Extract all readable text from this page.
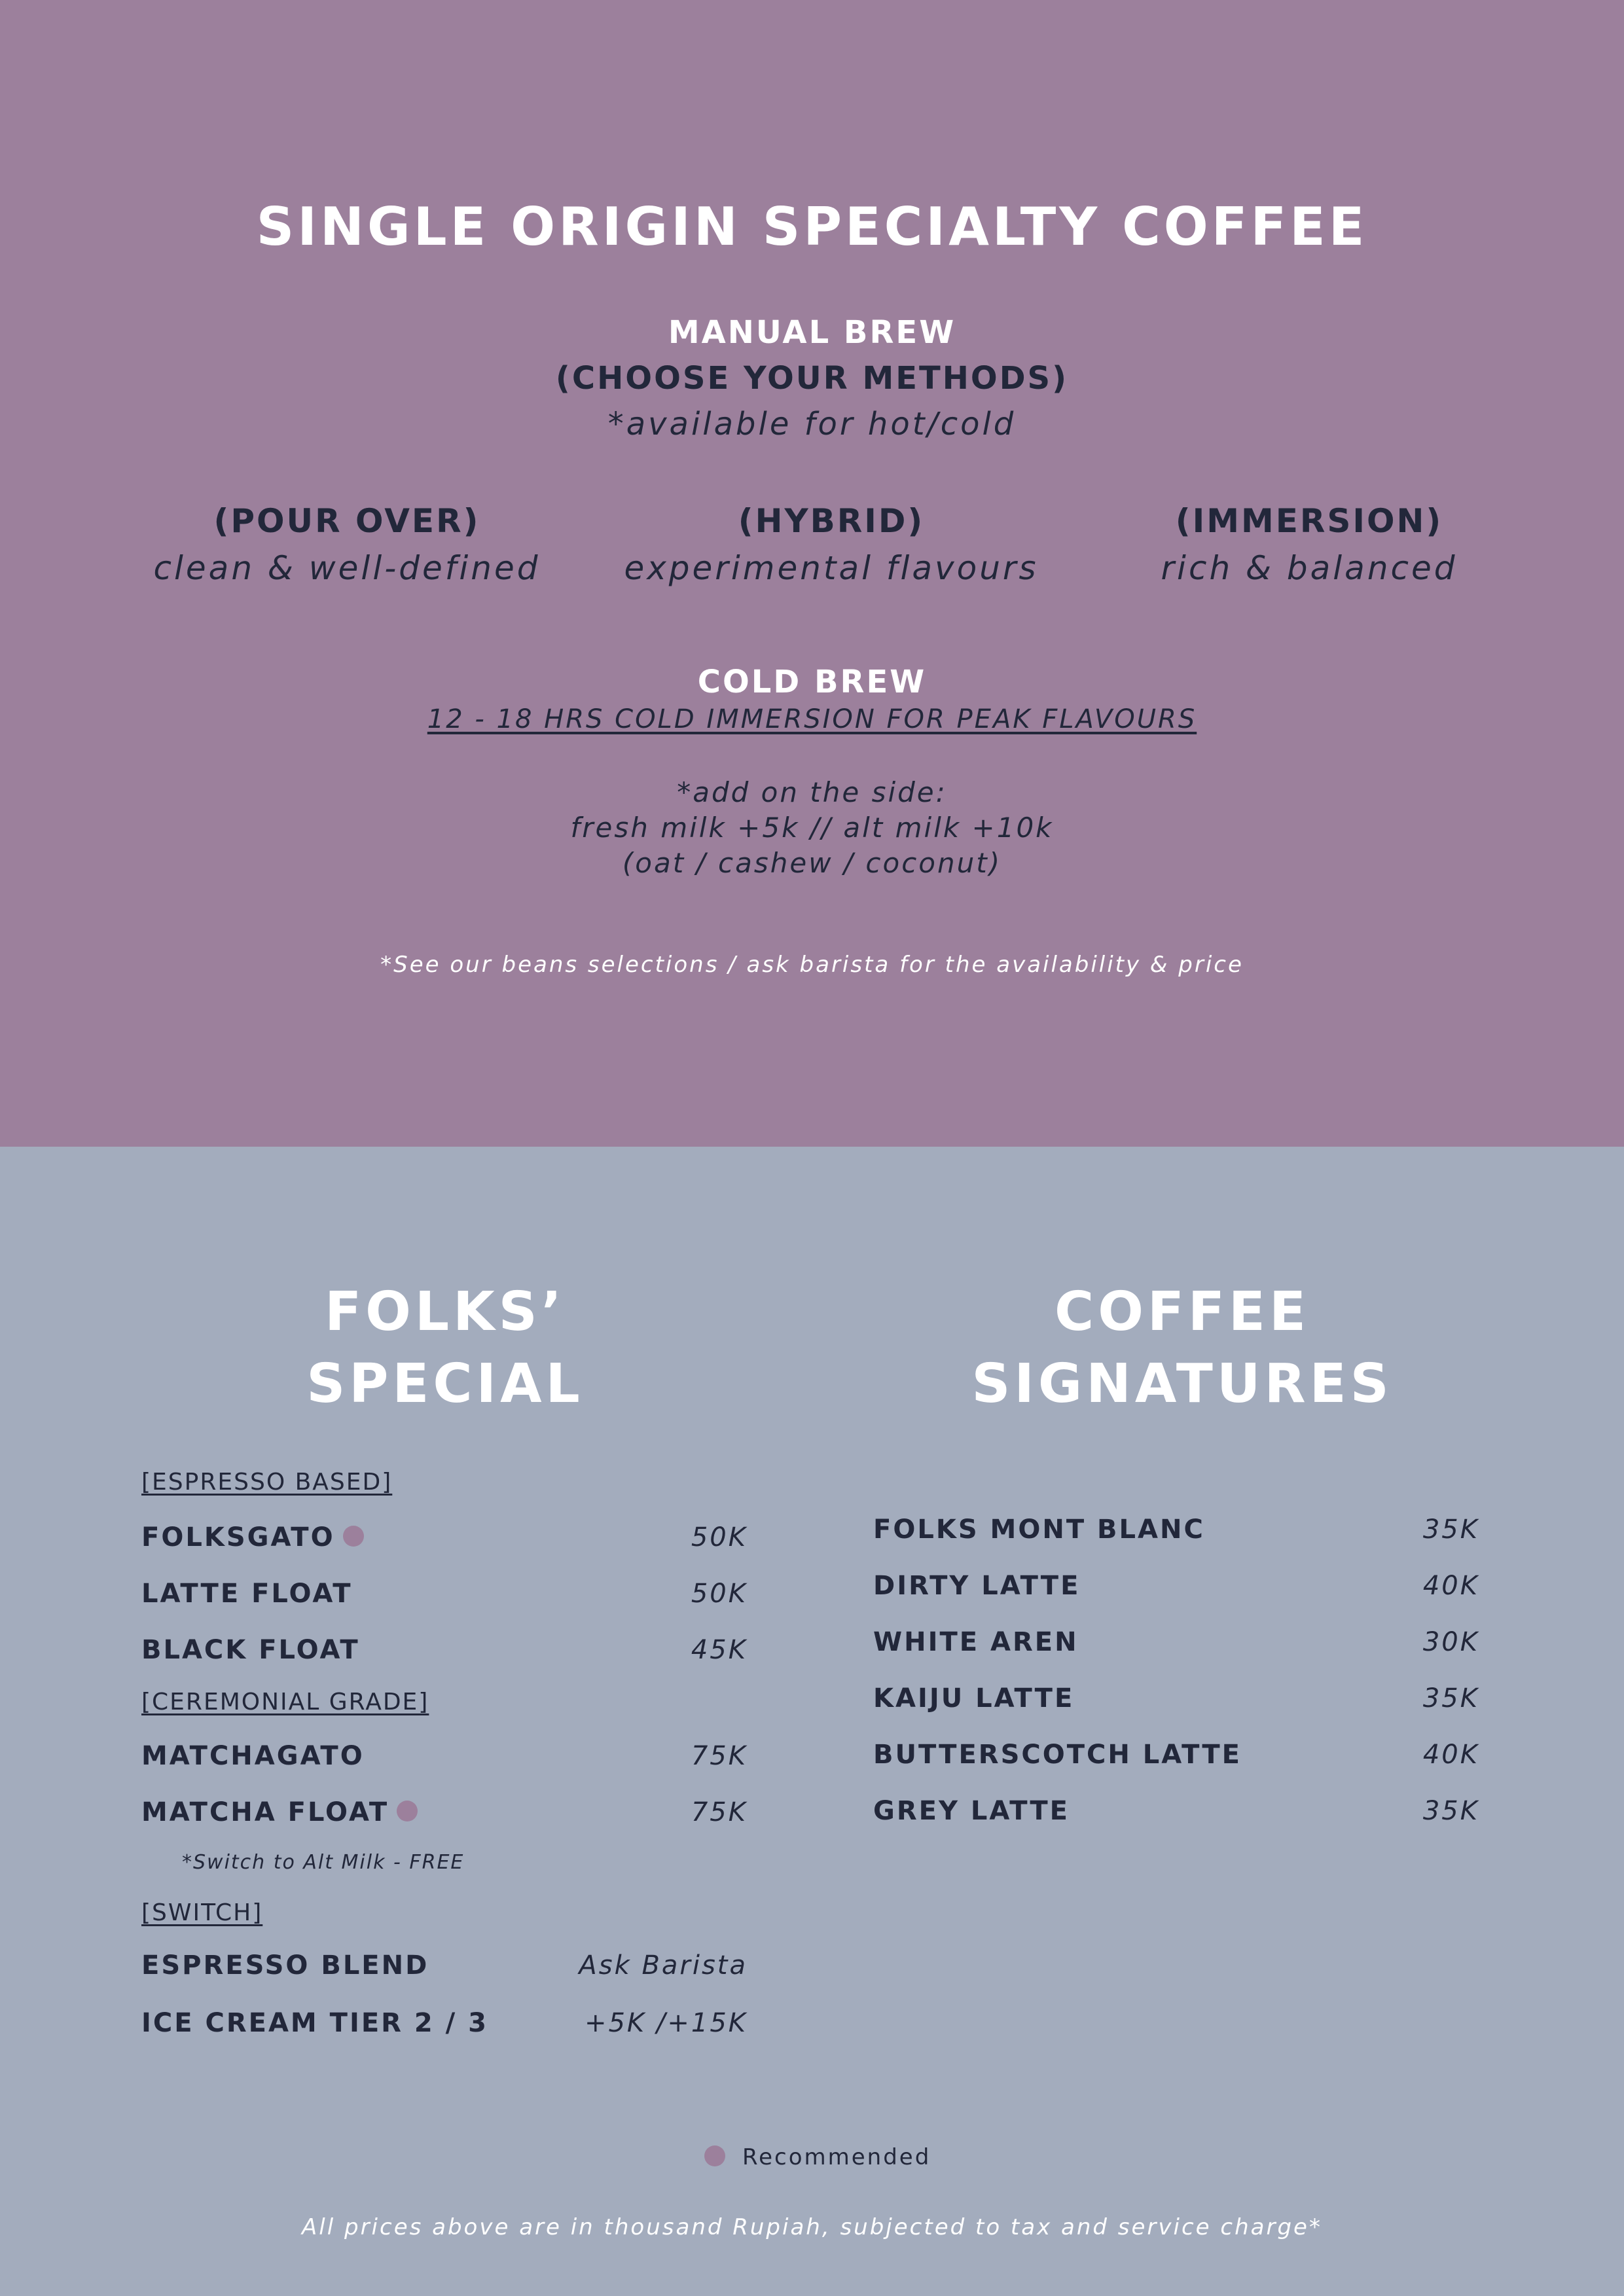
SINGLE ORIGIN SPECIALTY COFFEE
MANUAL BREW
(CHOOSE YOUR METHODS)
*available for hot/cold
(POUR OVER)
clean & well-defined
(HYBRID)
experimental flavours
(IMMERSION)
rich & balanced
COLD BREW
12 - 18 HRS COLD IMMERSION FOR PEAK FLAVOURS
*add on the side:
fresh milk +5k // alt milk +10k
(oat / cashew / coconut)
*See our beans selections / ask barista for the availability & price
FOLKS’
SPECIAL
[ESPRESSO BASED]
FOLKSGATO	50K
LATTE FLOAT	50K
BLACK FLOAT	45K
[CEREMONIAL GRADE]
MATCHAGATO	75K
MATCHA FLOAT	75K
*Switch to Alt Milk - FREE
[SWITCH]
ESPRESSO BLEND	Ask Barista
ICE CREAM TIER 2 / 3	+5K /+15K
COFFEE
SIGNATURES
FOLKS MONT BLANC	35K
DIRTY LATTE	40K
WHITE AREN	30K
KAIJU LATTE	35K
BUTTERSCOTCH LATTE	40K
GREY LATTE	35K
Recommended
All prices above are in thousand Rupiah, subjected to tax and service charge*
